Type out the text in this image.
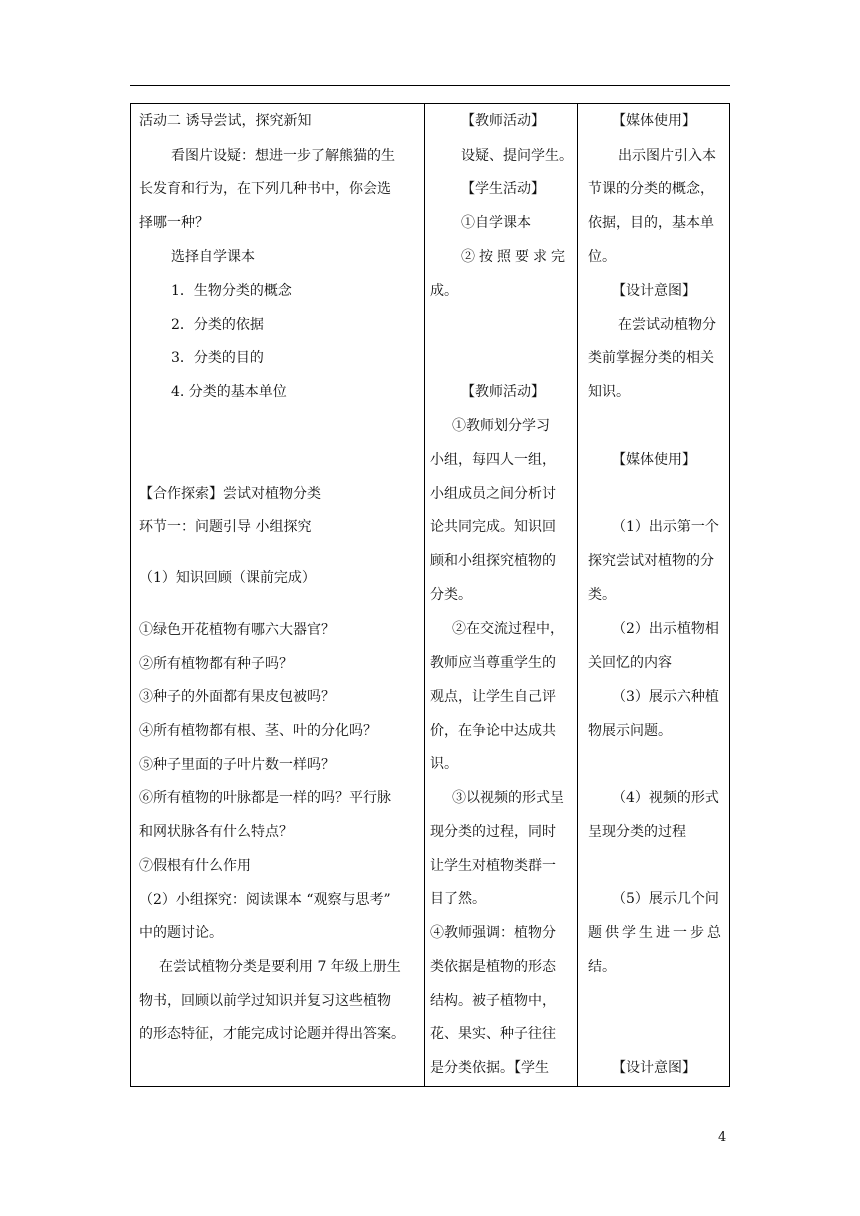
活动二 诱导尝试，探究新知
看图片设疑：想进一步了解熊猫的生
长发育和行为，在下列几种书中，你会选
择哪一种？
选择自学课本
1．生物分类的概念
2．分类的依据
3．分类的目的
4. 分类的基本单位
【合作探索】尝试对植物分类
环节一：问题引导 小组探究
（1）知识回顾（课前完成）
①绿色开花植物有哪六大器官？
②所有植物都有种子吗？
③种子的外面都有果皮包被吗？
④所有植物都有根、茎、叶的分化吗？
⑤种子里面的子叶片数一样吗？
⑥所有植物的叶脉都是一样的吗？平行脉
和网状脉各有什么特点？
⑦假根有什么作用
（2）小组探究：阅读课本 “观察与思考”
中的题讨论。
在尝试植物分类是要利用 7 年级上册生
物书，回顾以前学过知识并复习这些植物
的形态特征，才能完成讨论题并得出答案。
【教师活动】
设疑、提问学生。
【学生活动】
①自学课本
②按照要求完
成。
【教师活动】
①教师划分学习
小组，每四人一组，
小组成员之间分析讨
论共同完成。知识回
顾和小组探究植物的
分类。
②在交流过程中，
教师应当尊重学生的
观点，让学生自己评
价，在争论中达成共
识。
③以视频的形式呈
现分类的过程，同时
让学生对植物类群一
目了然。
④教师强调：植物分
类依据是植物的形态
结构。被子植物中，
花、果实、种子往往
是分类依据。【学生
【媒体使用】
出示图片引入本
节课的分类的概念，
依据，目的，基本单
位。
【设计意图】
在尝试动植物分
类前掌握分类的相关
知识。
【媒体使用】
（1）出示第一个
探究尝试对植物的分
类。
（2）出示植物相
关回忆的内容
（3）展示六种植
物展示问题。
（4）视频的形式
呈现分类的过程
（5）展示几个问
题供学生进一步总
结。
【设计意图】
4
